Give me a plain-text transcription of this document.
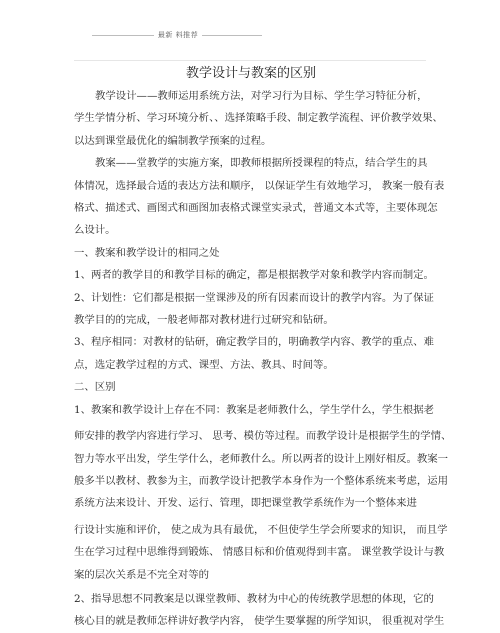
最新 料推荐
教学设计与教案的区别

教学设计——教师运用系统方法，对学习行为目标、学生学习特征分析，

学生学情分析、学习环境分析、、选择策略手段、制定教学流程、评价教学效果、

以达到课堂最优化的编制教学预案的过程。

教案——堂教学的实施方案，即教师根据所授课程的特点，结合学生的具

体情况，选择最合适的表达方法和顺序， 以保证学生有效地学习， 教案一般有表

格式、描述式、画图式和画图加表格式课堂实录式，普通文本式等，主要体现怎

么设计。

一、教案和教学设计的相同之处

1、两者的教学目的和教学目标的确定，都是根据教学对象和教学内容而制定。

2、计划性：它们都是根据一堂课涉及的所有因素而设计的教学内容。为了保证

教学目的的完成，一般老师都对教材进行过研究和钻研。

3、程序相同：对教材的钻研，确定教学目的，明确教学内容、教学的重点、难

点，选定教学过程的方式、课型、方法、教具、时间等。

二、区别

1、教案和教学设计上存在不同：教案是老师教什么，学生学什么，学生根据老

师安排的教学内容进行学习、 思考、模仿等过程。而教学设计是根据学生的学情、

智力等水平出发，学生学什么，老师教什么。所以两者的设计上刚好相反。教案一

般多半以教材、教参为主，而教学设计把教学本身作为一个整体系统来考虑，运用

系统方法来设计、开发、运行、管理，即把课堂教学系统作为一个整体来进

行设计实施和评价， 使之成为具有最优， 不但使学生学会所要求的知识， 而且学

生在学习过程中思维得到锻炼、 情感目标和价值观得到丰富。 课堂教学设计与教

案的层次关系是不完全对等的

2、指导思想不同教案是以课堂教师、教材为中心的传统教学思想的体现，它的

核心目的就是教师怎样讲好教学内容， 使学生要掌握的所学知识， 很重视对学生
